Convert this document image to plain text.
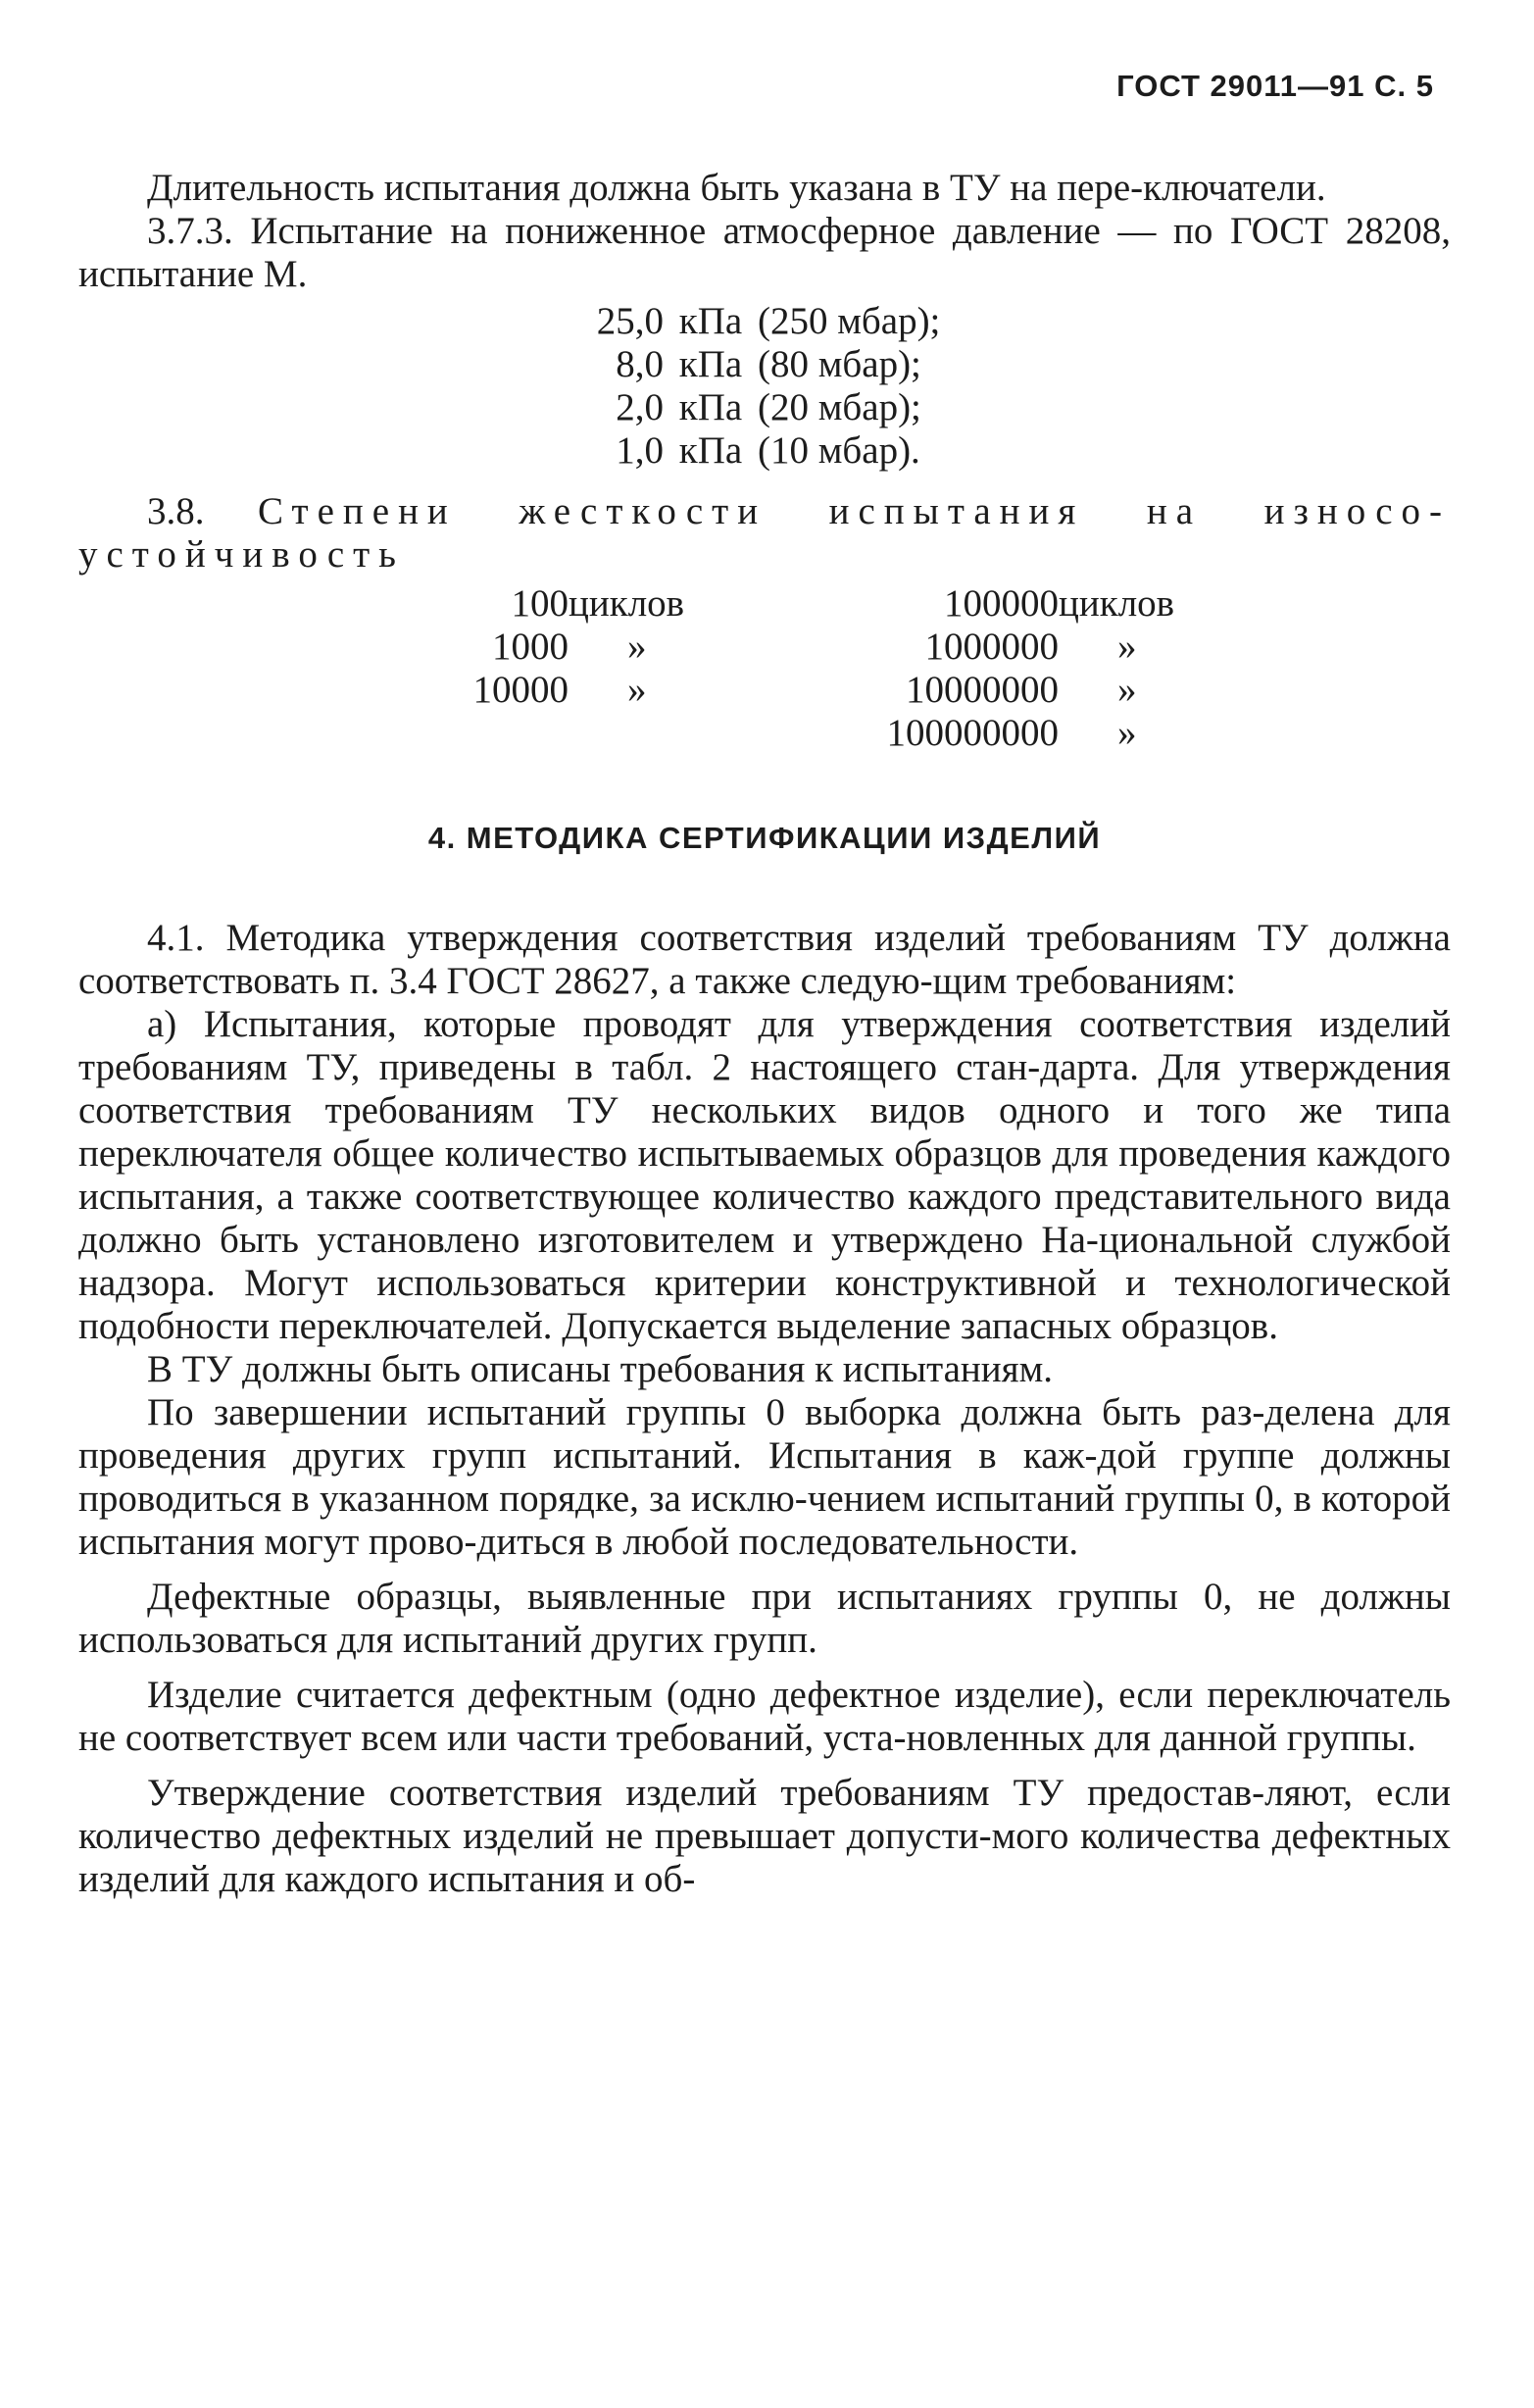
ГОСТ 29011—91 С. 5

Длительность испытания должна быть указана в ТУ на пере-ключатели.

3.7.3. Испытание на пониженное атмосферное давление — по ГОСТ 28208, испытание М.

25,0 кПа (250 мбар);
8,0 кПа (80 мбар);
2,0 кПа (20 мбар);
1,0 кПа (10 мбар).

3.8. Степени жесткости испытания на износо-устойчивость

100 циклов
1000 »
10000 »
100000 циклов
1000000 »
10000000 »
100000000 »
4. МЕТОДИКА СЕРТИФИКАЦИИ ИЗДЕЛИЙ

4.1. Методика утверждения соответствия изделий требованиям ТУ должна соответствовать п. 3.4 ГОСТ 28627, а также следую-щим требованиям:

а) Испытания, которые проводят для утверждения соответствия изделий требованиям ТУ, приведены в табл. 2 настоящего стан-дарта. Для утверждения соответствия требованиям ТУ нескольких видов одного и того же типа переключателя общее количество испытываемых образцов для проведения каждого испытания, а также соответствующее количество каждого представительного вида должно быть установлено изготовителем и утверждено На-циональной службой надзора. Могут использоваться критерии конструктивной и технологической подобности переключателей. Допускается выделение запасных образцов.

В ТУ должны быть описаны требования к испытаниям.

По завершении испытаний группы 0 выборка должна быть раз-делена для проведения других групп испытаний. Испытания в каж-дой группе должны проводиться в указанном порядке, за исклю-чением испытаний группы 0, в которой испытания могут прово-диться в любой последовательности.

Дефектные образцы, выявленные при испытаниях группы 0, не должны использоваться для испытаний других групп.

Изделие считается дефектным (одно дефектное изделие), если переключатель не соответствует всем или части требований, уста-новленных для данной группы.

Утверждение соответствия изделий требованиям ТУ предостав-ляют, если количество дефектных изделий не превышает допусти-мого количества дефектных изделий для каждого испытания и об-
